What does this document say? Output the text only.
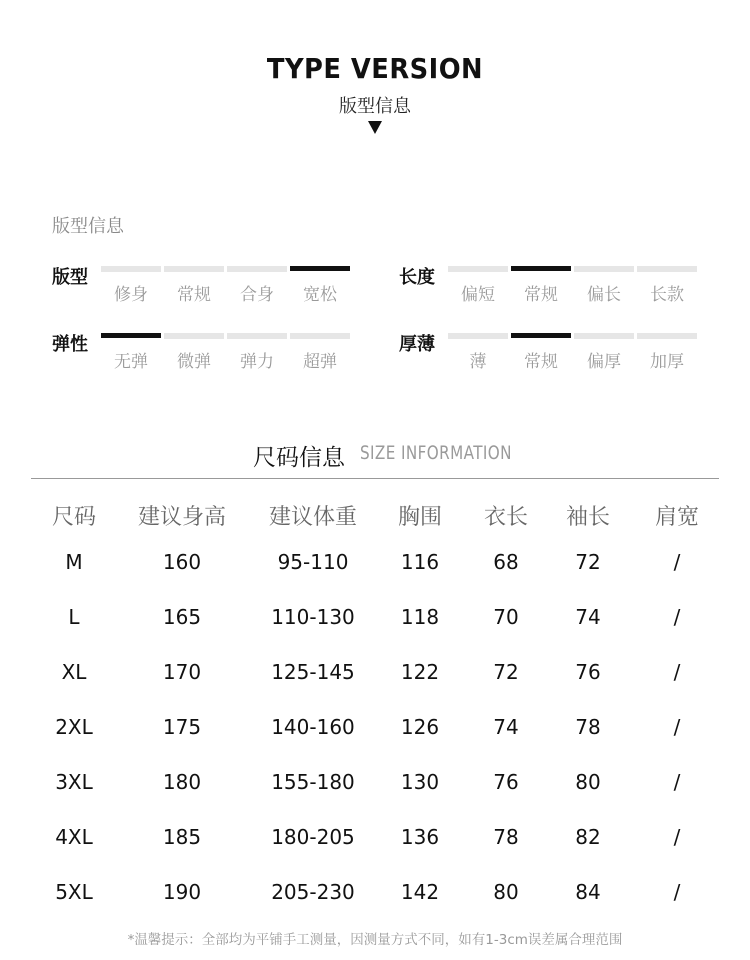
TYPE VERSION
版型信息
版型信息
版型
修身	常规	合身	宽松
长度
偏短	常规	偏长	长款
弹性
无弹	微弹	弹力	超弹
厚薄
薄	常规	偏厚	加厚
尺码信息 SIZE INFORMATION
尺码	建议身高	建议体重	胸围	衣长	袖长	肩宽
M	160	95-110	116	68	72	/
L	165	110-130	118	70	74	/
XL	170	125-145	122	72	76	/
2XL	175	140-160	126	74	78	/
3XL	180	155-180	130	76	80	/
4XL	185	180-205	136	78	82	/
5XL	190	205-230	142	80	84	/
*温馨提示：全部均为平铺手工测量，因测量方式不同，如有1-3cm误差属合理范围
